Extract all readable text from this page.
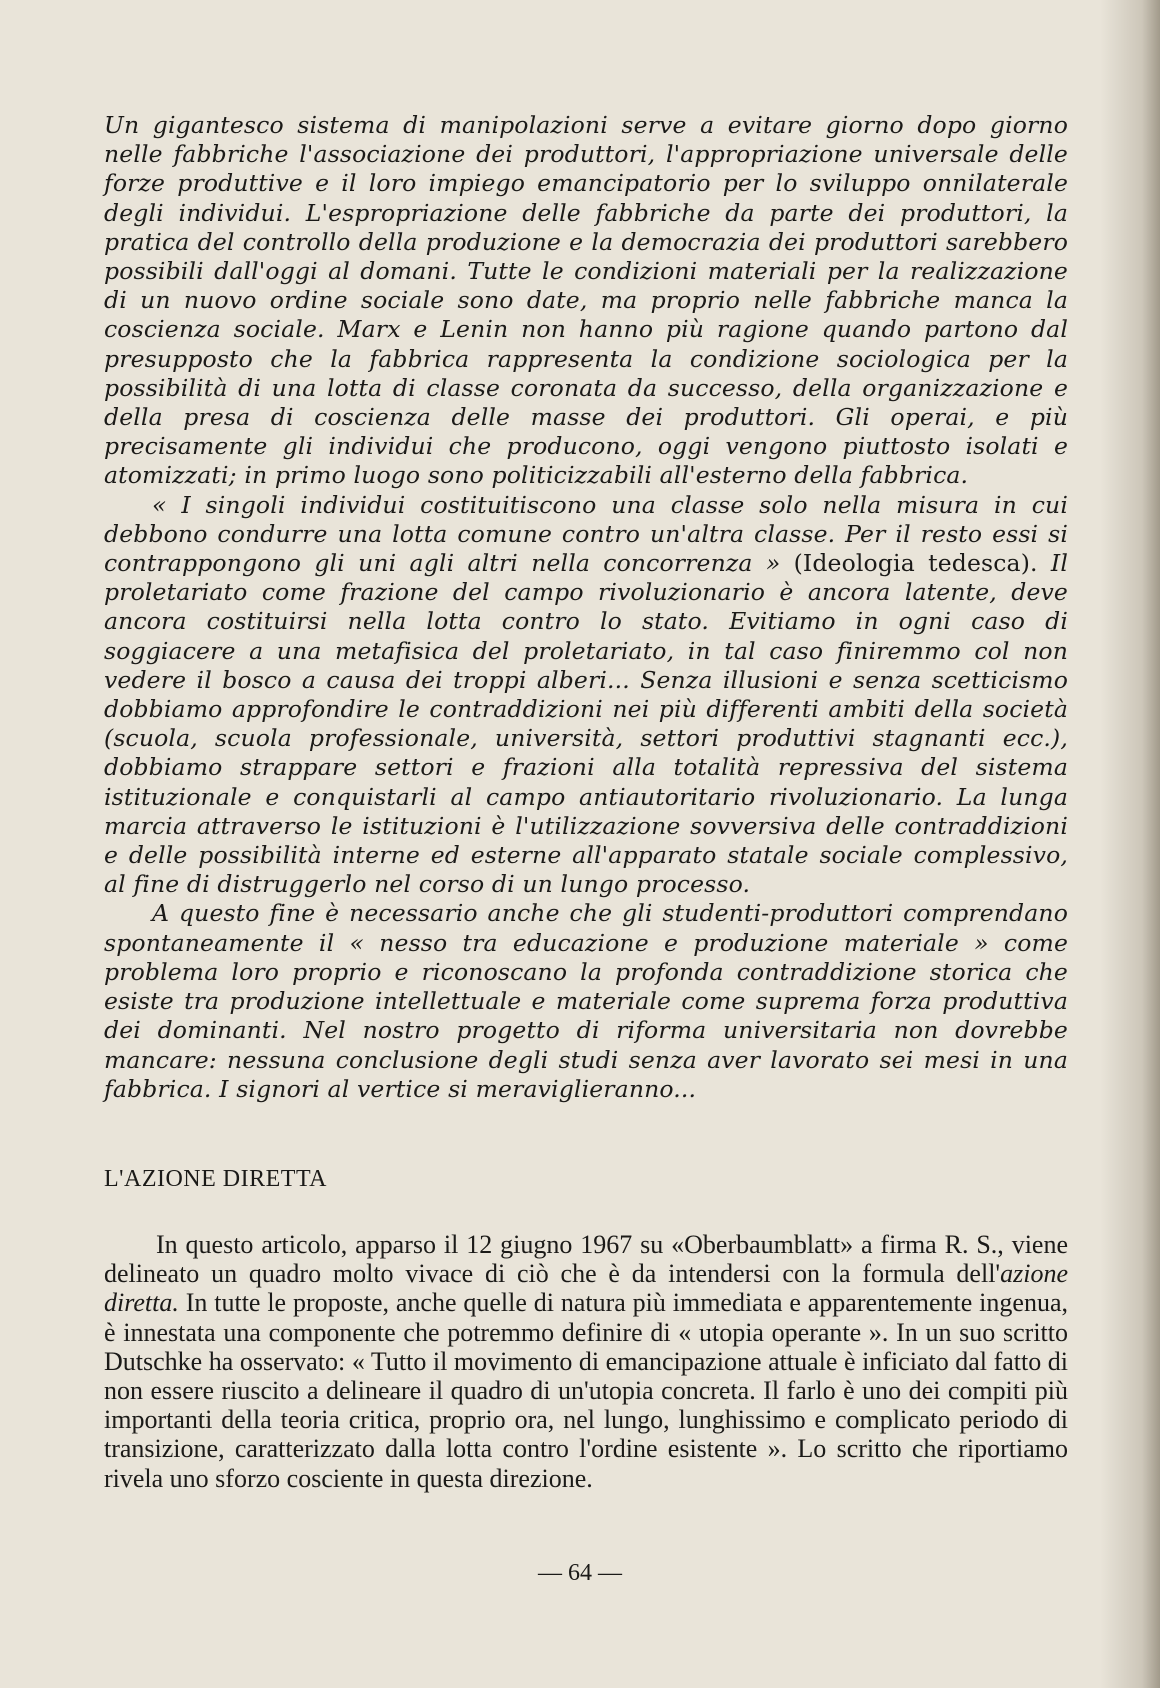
Un gigantesco sistema di manipolazioni serve a evitare giorno dopo giorno nelle fabbriche l'associazione dei produttori, l'appropriazione universale delle forze produttive e il loro impiego emancipatorio per lo sviluppo onnilaterale degli individui. L'espropriazione delle fabbriche da parte dei produttori, la pratica del controllo della produzione e la democrazia dei produttori sarebbero possibili dall'oggi al domani. Tutte le condizioni materiali per la realizzazione di un nuovo ordine sociale sono date, ma proprio nelle fabbriche manca la coscienza sociale. Marx e Lenin non hanno più ragione quando partono dal presupposto che la fabbrica rappresenta la condizione sociologica per la possibilità di una lotta di classe coronata da successo, della organizzazione e della presa di coscienza delle masse dei produttori. Gli operai, e più precisamente gli individui che producono, oggi vengono piuttosto isolati e atomizzati; in primo luogo sono politicizzabili all'esterno della fabbrica.

« I singoli individui costituitiscono una classe solo nella misura in cui debbono condurre una lotta comune contro un'altra classe. Per il resto essi si contrappongono gli uni agli altri nella concorrenza » (Ideologia tedesca). Il proletariato come frazione del campo rivoluzionario è ancora latente, deve ancora costituirsi nella lotta contro lo stato. Evitiamo in ogni caso di soggiacere a una metafisica del proletariato, in tal caso finiremmo col non vedere il bosco a causa dei troppi alberi... Senza illusioni e senza scetticismo dobbiamo approfondire le contraddizioni nei più differenti ambiti della società (scuola, scuola professionale, università, settori produttivi stagnanti ecc.), dobbiamo strappare settori e frazioni alla totalità repressiva del sistema istituzionale e conquistarli al campo antiautoritario rivoluzionario. La lunga marcia attraverso le istituzioni è l'utilizzazione sovversiva delle contraddizioni e delle possibilità interne ed esterne all'apparato statale sociale complessivo, al fine di distruggerlo nel corso di un lungo processo.

A questo fine è necessario anche che gli studenti-produttori comprendano spontaneamente il « nesso tra educazione e produzione materiale » come problema loro proprio e riconoscano la profonda contraddizione storica che esiste tra produzione intellettuale e materiale come suprema forza produttiva dei dominanti. Nel nostro progetto di riforma universitaria non dovrebbe mancare: nessuna conclusione degli studi senza aver lavorato sei mesi in una fabbrica. I signori al vertice si meraviglieranno...

L'AZIONE DIRETTA

In questo articolo, apparso il 12 giugno 1967 su «Oberbaumblatt» a firma R. S., viene delineato un quadro molto vivace di ciò che è da intendersi con la formula dell'azione diretta. In tutte le proposte, anche quelle di natura più immediata e apparentemente ingenua, è innestata una componente che potremmo definire di « utopia operante ». In un suo scritto Dutschke ha osservato: « Tutto il movimento di emancipazione attuale è inficiato dal fatto di non essere riuscito a delineare il quadro di un'utopia concreta. Il farlo è uno dei compiti più importanti della teoria critica, proprio ora, nel lungo, lunghissimo e complicato periodo di transizione, caratterizzato dalla lotta contro l'ordine esistente ». Lo scritto che riportiamo rivela uno sforzo cosciente in questa direzione.

— 64 —
